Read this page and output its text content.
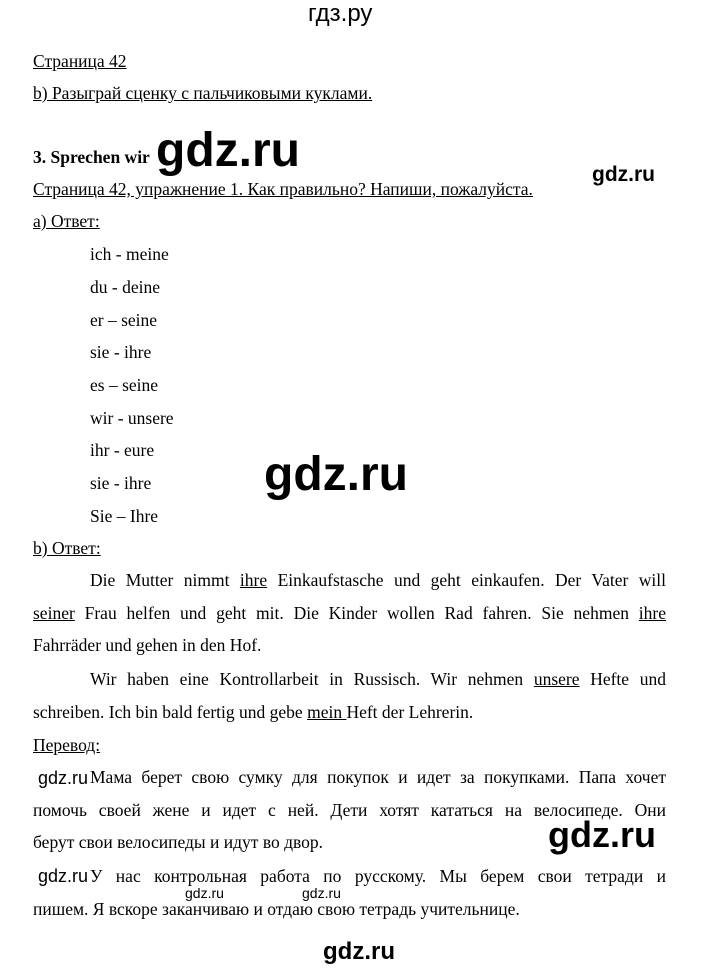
гдз.ру
Страница 42
b) Разыграй сценку с пальчиковыми куклами.
3. Sprechen wir
Страница 42, упражнение 1. Как правильно? Напиши, пожалуйста.
а) Ответ:
ich - meine
du - deine
er – seine
sie - ihre
es – seine
wir - unsere
ihr - eure
sie - ihre
Sie – Ihre
b) Ответ:
Die Mutter nimmt ihre Einkaufstasche und geht einkaufen. Der Vater will
seiner Frau helfen und geht mit. Die Kinder wollen Rad fahren. Sie nehmen ihre
Fahrräder und gehen in den Hof.
Wir haben eine Kontrollarbeit in Russisch. Wir nehmen unsere Hefte und
schreiben. Ich bin bald fertig und gebe mein Heft der Lehrerin.
Перевод:
Мама берет свою сумку для покупок и идет за покупками. Папа хочет
помочь своей жене и идет с ней. Дети хотят кататься на велосипеде. Они
берут свои велосипеды и идут во двор.
У нас контрольная работа по русскому. Мы берем свои тетради и
пишем. Я вскоре заканчиваю и отдаю свою тетрадь учительнице.
gdz.ru	gdz.ru
gdz.ru
gdz.ru
gdz.ru
gdz.ru
gdz.ru	gdz.ru
gdz.ru
